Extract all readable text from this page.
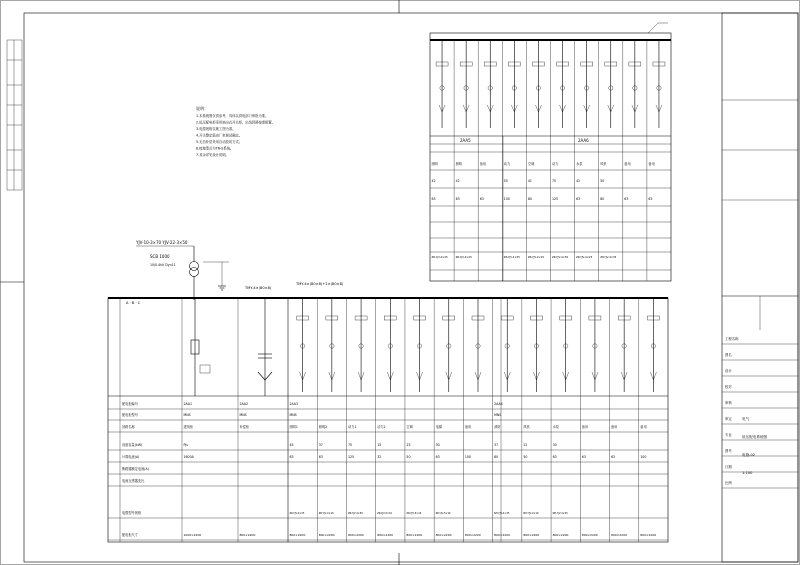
说明：
1.本系统图仅供参考，具体以供电部门审批为准。
2.低压配电柜采用抽出式开关柜，出线回路按需配置。
3.电缆规格以施工图为准。
4.开关整定值由厂家调试确定。
5.无功补偿采用自动投切方式。
6.接地型式为TN-S系统。
7.其余详见设计说明。
YJV-10-3×70 YJV-22-3×50
SCB 1000
10/0.4kV Dyn11
TMY-4×(80×8)
TMY-4×(80×8)+1×(80×8)
2AA5	2AA6
照明
42
63
ZR-YJV-4×25
照明
42
63
ZR-YJV-4×25
备用
63
动力
55
100
ZR-YJV-4×35
空调
41
80
ZR-YJV-4×25
动力
75
125
ZR-YJV-4×50
水泵
42
63
ZR-YJV-4×25
风机
50
80
ZR-YJV-4×35
备用
63
备用
63
A · B · C
配电柜编号
配电柜型号
回路名称
设备容量(kW)
计算电流(A)
断路器额定电流(A)
电流互感器变比
电缆型号规格
配电柜尺寸
2AA1
MNS
进线柜
Pjs
1600A
1000×2200
2AA2
MNS
补偿柜
800×2200
2AA3
MNS
照明1
45
63
ZR-YJV-4×25
800×2200
照明2
37
63
ZR-YJV-4×16
800×2200
动力1
75
125
ZR-YJV-4×50
800×2200
动力2
15
32
ZR-YJV-5×10
800×2200
空调
25
50
ZR-YJV-5×16
800×2200
电梯
30
63
ZR-YJV-5×16
800×2200
备用
100
800×2200
2AA4
MNS
消防
37
80
NH-YJV-4×35
800×2200
风机
22
50
NH-YJV-4×16
800×2200
水泵
30
63
NH-YJV-4×25
800×2200
备用
63
800×2200
备用
63
800×2200
备用
100
800×2200
工程名称
图名
设计
校对
审核
审定
专业
图号
日期
比例
低压配电系统图
电气
电施-02
1:100
